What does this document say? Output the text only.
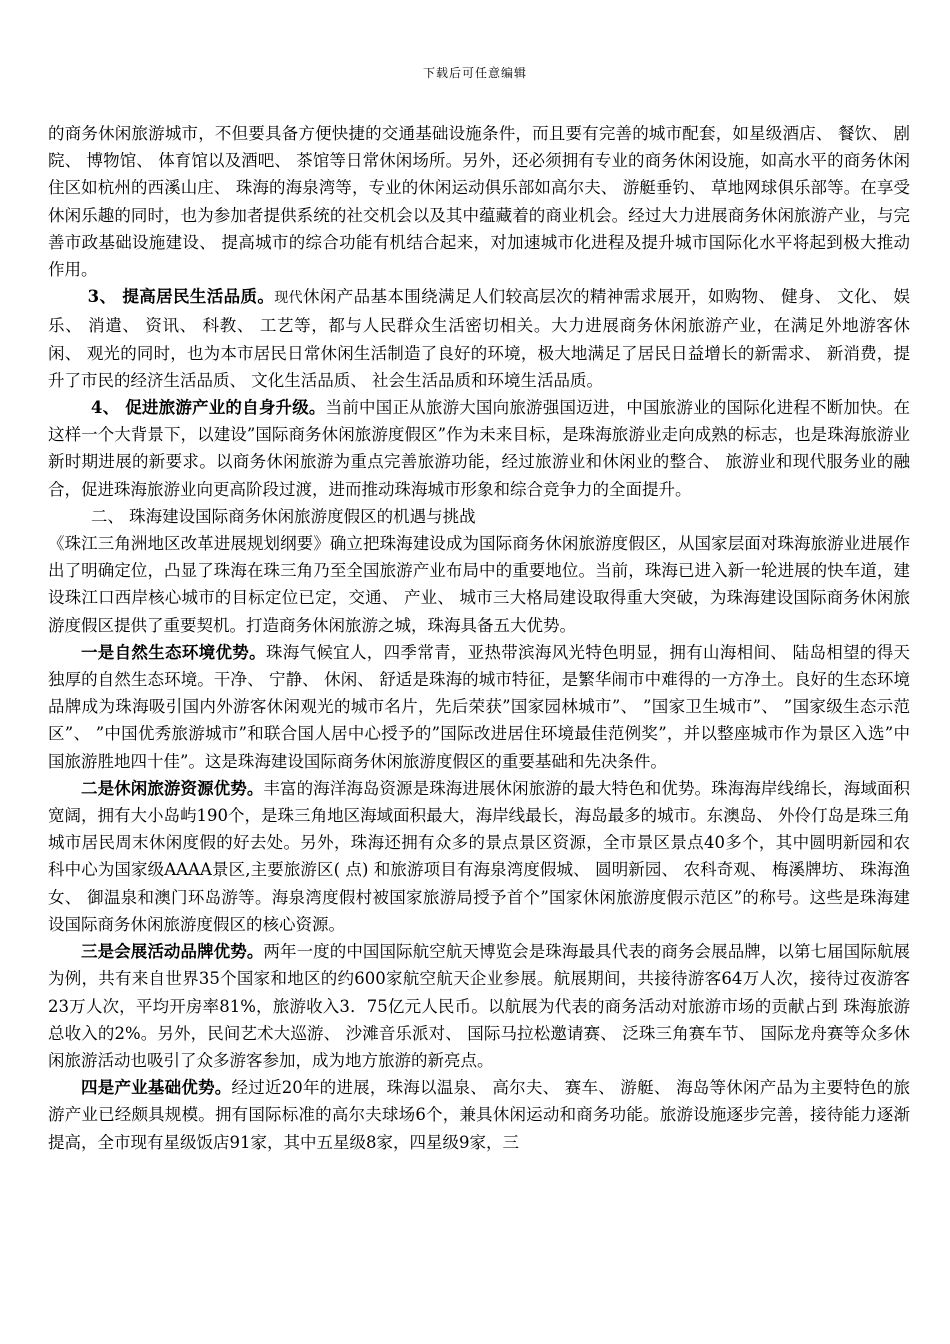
下载后可任意编辑

的商务休闲旅游城市，不但要具备方便快捷的交通基础设施条件，而且要有完善的城市配套，如星级酒店、 餐饮、 剧院、 博物馆、 体育馆以及酒吧、 茶馆等日常休闲场所。另外，还必须拥有专业的商务休闲设施，如高水平的商务休闲住区如杭州的西溪山庄、 珠海的海泉湾等，专业的休闲运动俱乐部如高尔夫、 游艇垂钓、 草地网球俱乐部等。在享受休闲乐趣的同时，也为参加者提供系统的社交机会以及其中蕴藏着的商业机会。经过大力进展商务休闲旅游产业，与完善市政基础设施建设、 提高城市的综合功能有机结合起来，对加速城市化进程及提升城市国际化水平将起到极大推动作用。

3、 提高居民生活品质。现代休闲产品基本围绕满足人们较高层次的精神需求展开，如购物、 健身、 文化、 娱乐、 消遣、 资讯、 科教、 工艺等，都与人民群众生活密切相关。大力进展商务休闲旅游产业，在满足外地游客休闲、 观光的同时，也为本市居民日常休闲生活制造了良好的环境，极大地满足了居民日益增长的新需求、 新消费，提升了市民的经济生活品质、 文化生活品质、 社会生活品质和环境生活品质。

4、 促进旅游产业的自身升级。当前中国正从旅游大国向旅游强国迈进，中国旅游业的国际化进程不断加快。在这样一个大背景下，以建设”国际商务休闲旅游度假区”作为未来目标，是珠海旅游业走向成熟的标志，也是珠海旅游业新时期进展的新要求。以商务休闲旅游为重点完善旅游功能，经过旅游业和休闲业的整合、 旅游业和现代服务业的融合，促进珠海旅游业向更高阶段过渡，进而推动珠海城市形象和综合竞争力的全面提升。

二、 珠海建设国际商务休闲旅游度假区的机遇与挑战

《珠江三角洲地区改革进展规划纲要》确立把珠海建设成为国际商务休闲旅游度假区，从国家层面对珠海旅游业进展作出了明确定位，凸显了珠海在珠三角乃至全国旅游产业布局中的重要地位。当前，珠海已进入新一轮进展的快车道，建设珠江口西岸核心城市的目标定位已定，交通、 产业、 城市三大格局建设取得重大突破，为珠海建设国际商务休闲旅游度假区提供了重要契机。打造商务休闲旅游之城，珠海具备五大优势。

一是自然生态环境优势。珠海气候宜人，四季常青，亚热带滨海风光特色明显，拥有山海相间、 陆岛相望的得天独厚的自然生态环境。干净、 宁静、 休闲、 舒适是珠海的城市特征，是繁华闹市中难得的一方净土。良好的生态环境品牌成为珠海吸引国内外游客休闲观光的城市名片，先后荣获”国家园林城市”、 ”国家卫生城市”、 ”国家级生态示范区”、 ”中国优秀旅游城市”和联合国人居中心授予的”国际改进居住环境最佳范例奖”，并以整座城市作为景区入选”中国旅游胜地四十佳”。这是珠海建设国际商务休闲旅游度假区的重要基础和先决条件。

二是休闲旅游资源优势。丰富的海洋海岛资源是珠海进展休闲旅游的最大特色和优势。珠海海岸线绵长，海域面积宽阔，拥有大小岛屿190个，是珠三角地区海域面积最大，海岸线最长，海岛最多的城市。东澳岛、 外伶仃岛是珠三角城市居民周末休闲度假的好去处。另外，珠海还拥有众多的景点景区资源，全市景区景点40多个，其中圆明新园和农科中心为国家级AAAA景区,主要旅游区( 点) 和旅游项目有海泉湾度假城、 圆明新园、 农科奇观、 梅溪牌坊、 珠海渔女、 御温泉和澳门环岛游等。海泉湾度假村被国家旅游局授予首个”国家休闲旅游度假示范区”的称号。这些是珠海建设国际商务休闲旅游度假区的核心资源。

三是会展活动品牌优势。两年一度的中国国际航空航天博览会是珠海最具代表的商务会展品牌，以第七届国际航展为例，共有来自世界35个国家和地区的约600家航空航天企业参展。航展期间，共接待游客64万人次，接待过夜游客23万人次，平均开房率81%，旅游收入3．75亿元人民币。以航展为代表的商务活动对旅游市场的贡献占到 珠海旅游总收入的2%。另外，民间艺术大巡游、 沙滩音乐派对、 国际马拉松邀请赛、 泛珠三角赛车节、 国际龙舟赛等众多休闲旅游活动也吸引了众多游客参加，成为地方旅游的新亮点。

四是产业基础优势。经过近20年的进展，珠海以温泉、 高尔夫、 赛车、 游艇、 海岛等休闲产品为主要特色的旅游产业已经颇具规模。拥有国际标准的高尔夫球场6个，兼具休闲运动和商务功能。旅游设施逐步完善，接待能力逐渐提高，全市现有星级饭店91家，其中五星级8家，四星级9家，三
